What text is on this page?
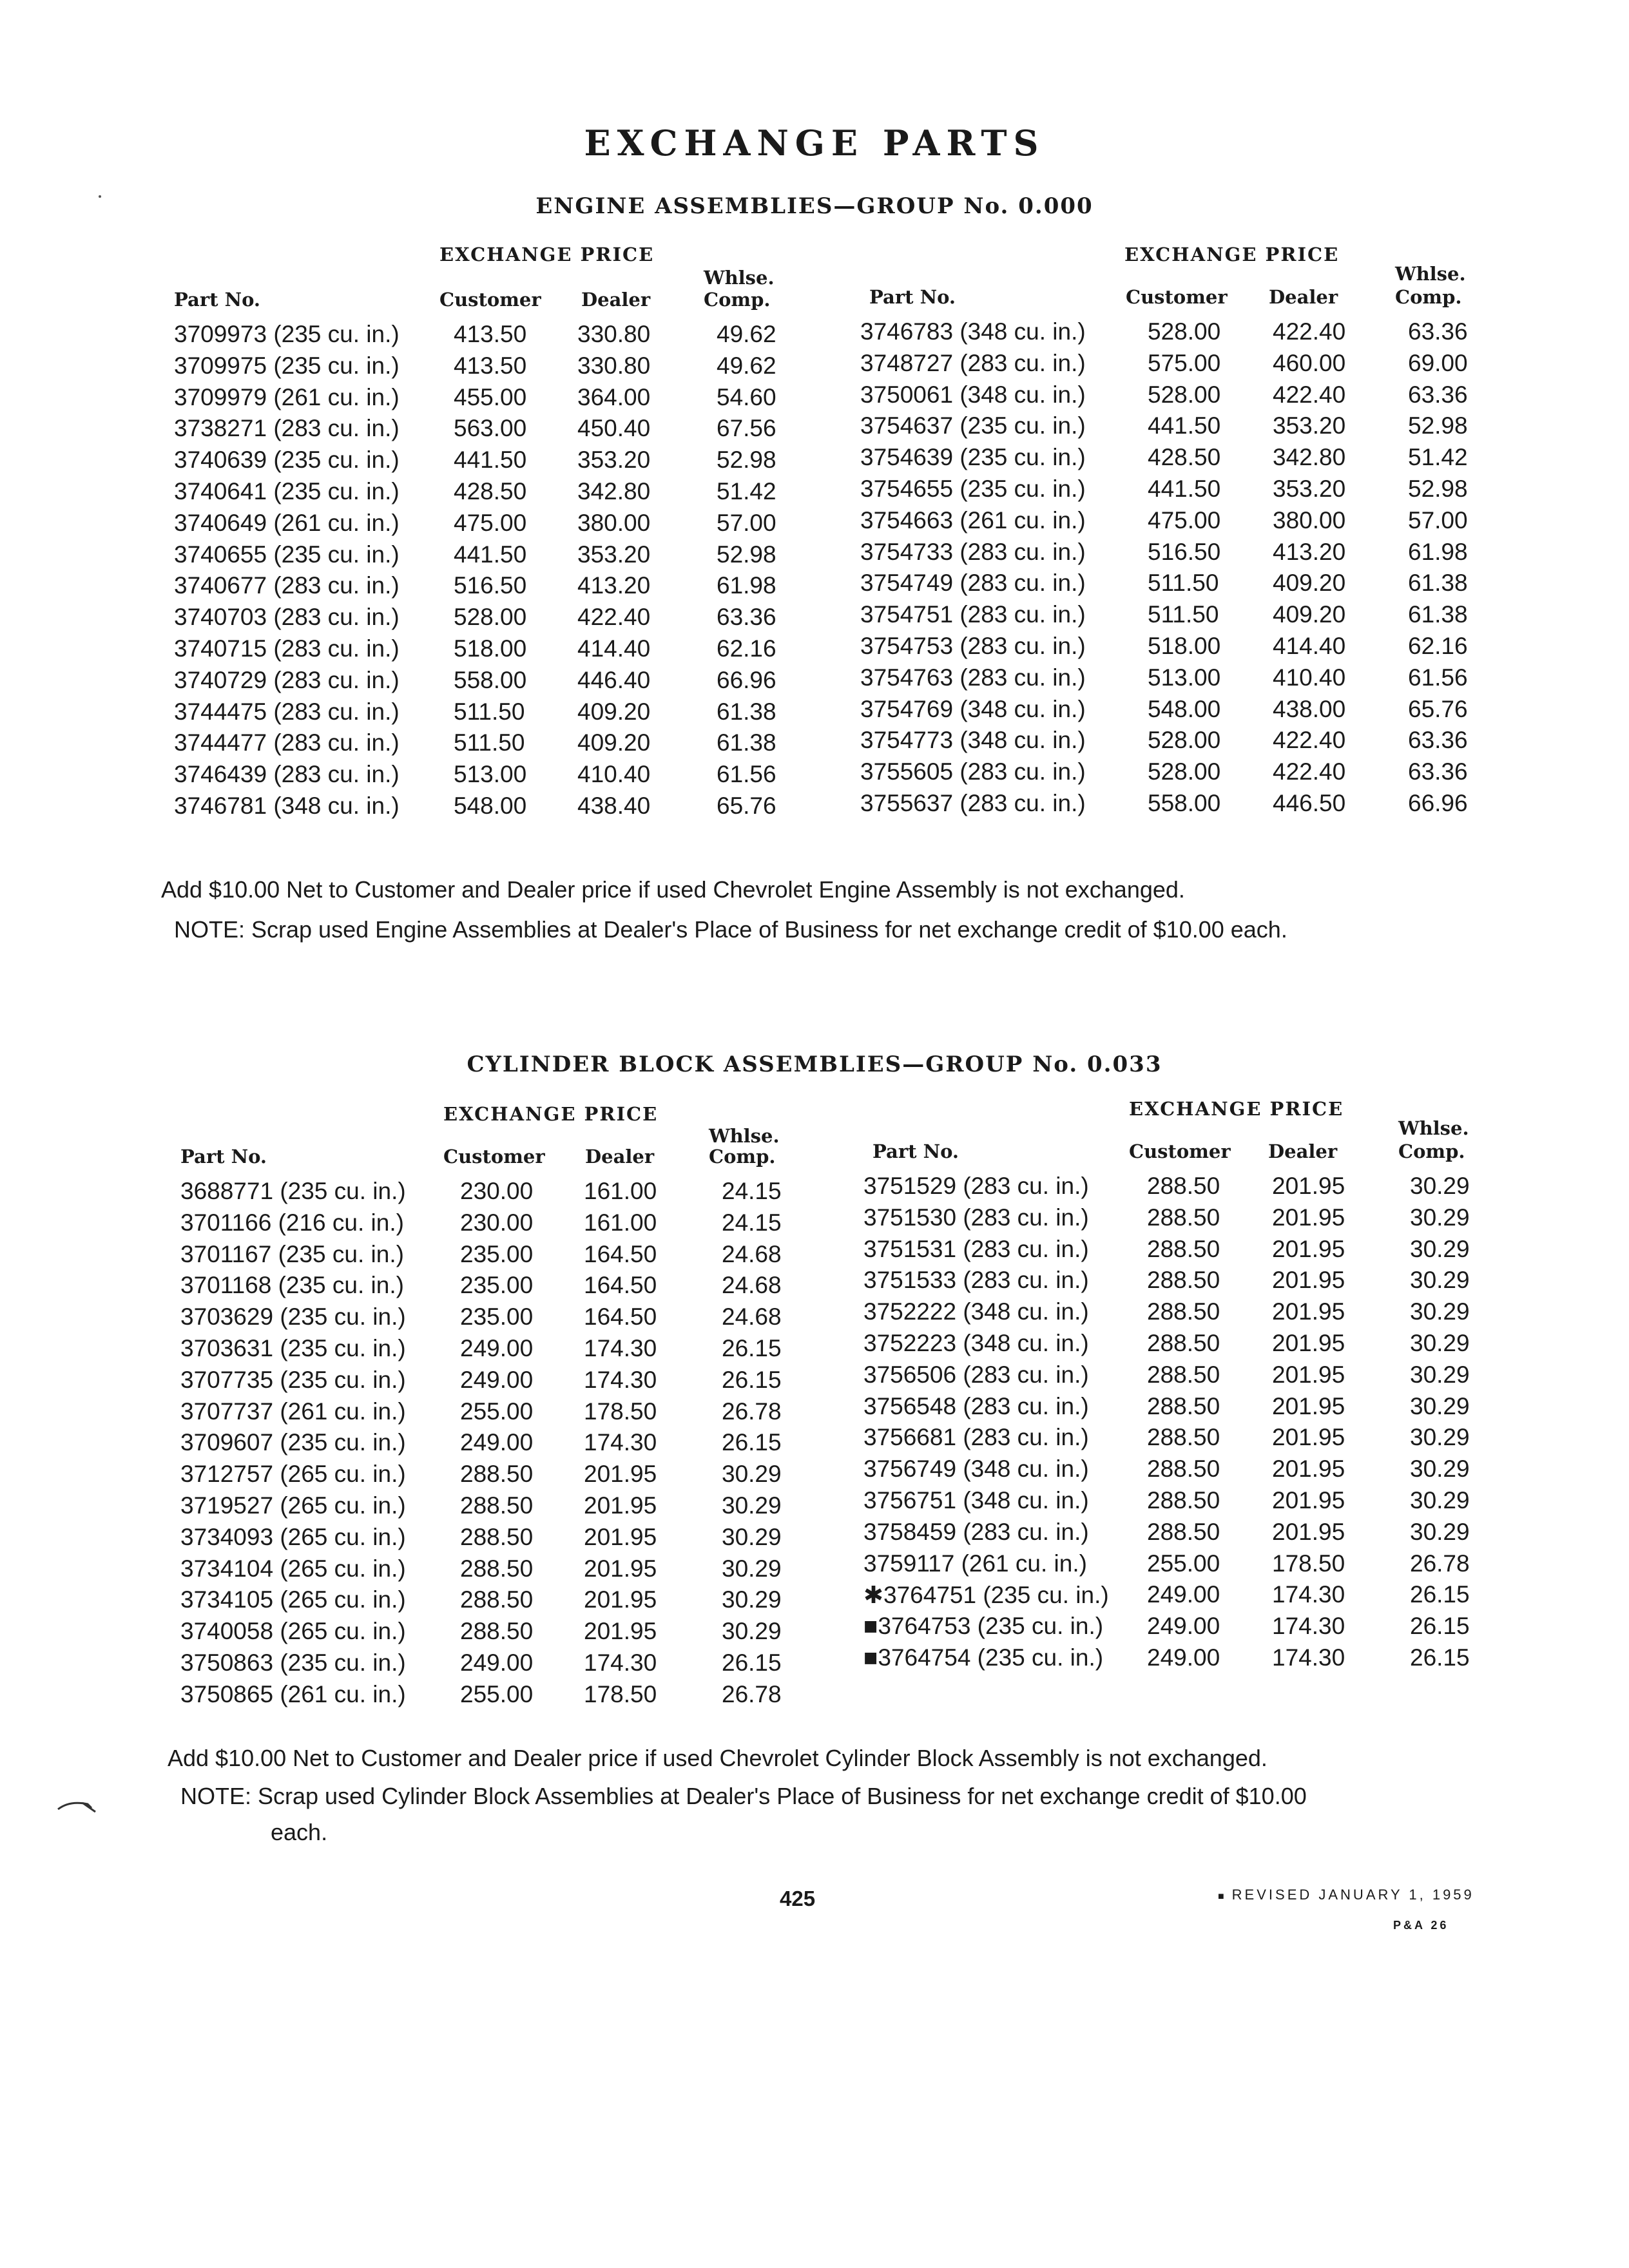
EXCHANGE PARTS
ENGINE ASSEMBLIES—GROUP No. 0.000
EXCHANGE PRICE
Whlse.
Part No.	Customer Dealer	Comp.
3709973 (235 cu. in.) 413.50 330.80	49.62
3709975 (235 cu. in.) 413.50 330.80	49.62
3709979 (261 cu. in.) 455.00 364.00	54.60
3738271 (283 cu. in.) 563.00 450.40	67.56
3740639 (235 cu. in.) 441.50 353.20	52.98
3740641 (235 cu. in.) 428.50 342.80	51.42
3740649 (261 cu. in.) 475.00 380.00	57.00
3740655 (235 cu. in.) 441.50 353.20	52.98
3740677 (283 cu. in.) 516.50 413.20	61.98
3740703 (283 cu. in.) 528.00 422.40	63.36
3740715 (283 cu. in.) 518.00 414.40	62.16
3740729 (283 cu. in.) 558.00 446.40	66.96
3744475 (283 cu. in.) 511.50 409.20	61.38
3744477 (283 cu. in.) 511.50 409.20	61.38
3746439 (283 cu. in.) 513.00 410.40	61.56
3746781 (348 cu. in.) 548.00 438.40	65.76
EXCHANGE PRICE
Whlse.
Part No.	Customer Dealer	Comp.
3746783 (348 cu. in.)	528.00 422.40	63.36
3748727 (283 cu. in.)	575.00 460.00	69.00
3750061 (348 cu. in.)	528.00 422.40	63.36
3754637 (235 cu. in.)	441.50 353.20	52.98
3754639 (235 cu. in.)	428.50 342.80	51.42
3754655 (235 cu. in.)	441.50 353.20	52.98
3754663 (261 cu. in.)	475.00 380.00	57.00
3754733 (283 cu. in.)	516.50 413.20	61.98
3754749 (283 cu. in.)	511.50 409.20	61.38
3754751 (283 cu. in.)	511.50 409.20	61.38
3754753 (283 cu. in.)	518.00 414.40	62.16
3754763 (283 cu. in.)	513.00 410.40	61.56
3754769 (348 cu. in.)	548.00 438.00	65.76
3754773 (348 cu. in.)	528.00 422.40	63.36
3755605 (283 cu. in.)	528.00 422.40	63.36
3755637 (283 cu. in.)	558.00 446.50	66.96
Add $10.00 Net to Customer and Dealer price if used Chevrolet Engine Assembly is not exchanged.
NOTE: Scrap used Engine Assemblies at Dealer's Place of Business for net exchange credit of $10.00 each.
CYLINDER BLOCK ASSEMBLIES—GROUP No. 0.033
EXCHANGE PRICE
Whlse.
Part No.	Customer Dealer	Comp.
3688771 (235 cu. in.) 230.00 161.00	24.15
3701166 (216 cu. in.) 230.00 161.00	24.15
3701167 (235 cu. in.) 235.00 164.50	24.68
3701168 (235 cu. in.) 235.00 164.50	24.68
3703629 (235 cu. in.) 235.00 164.50	24.68
3703631 (235 cu. in.) 249.00 174.30	26.15
3707735 (235 cu. in.) 249.00 174.30	26.15
3707737 (261 cu. in.) 255.00 178.50	26.78
3709607 (235 cu. in.) 249.00 174.30	26.15
3712757 (265 cu. in.) 288.50 201.95	30.29
3719527 (265 cu. in.) 288.50 201.95	30.29
3734093 (265 cu. in.) 288.50 201.95	30.29
3734104 (265 cu. in.) 288.50 201.95	30.29
3734105 (265 cu. in.) 288.50 201.95	30.29
3740058 (265 cu. in.) 288.50 201.95	30.29
3750863 (235 cu. in.) 249.00 174.30	26.15
3750865 (261 cu. in.) 255.00 178.50	26.78
EXCHANGE PRICE
Whlse.
Part No.	Customer Dealer	Comp.
3751529 (283 cu. in.) 288.50 201.95	30.29
3751530 (283 cu. in.) 288.50 201.95	30.29
3751531 (283 cu. in.) 288.50 201.95	30.29
3751533 (283 cu. in.) 288.50 201.95	30.29
3752222 (348 cu. in.) 288.50 201.95	30.29
3752223 (348 cu. in.) 288.50 201.95	30.29
3756506 (283 cu. in.) 288.50 201.95	30.29
3756548 (283 cu. in.) 288.50 201.95	30.29
3756681 (283 cu. in.) 288.50 201.95	30.29
3756749 (348 cu. in.) 288.50 201.95	30.29
3756751 (348 cu. in.) 288.50 201.95	30.29
3758459 (283 cu. in.) 288.50 201.95	30.29
3759117 (261 cu. in.)	255.00 178.50	26.78
✱3764751 (235 cu. in.) 249.00 174.30	26.15
■3764753 (235 cu. in.) 249.00 174.30	26.15
■3764754 (235 cu. in.) 249.00 174.30	26.15
Add $10.00 Net to Customer and Dealer price if used Chevrolet Cylinder Block Assembly is not exchanged.
NOTE: Scrap used Cylinder Block Assemblies at Dealer's Place of Business for net exchange credit of $10.00
each.
425	■ REVISED JANUARY 1, 1959
P&A 26
